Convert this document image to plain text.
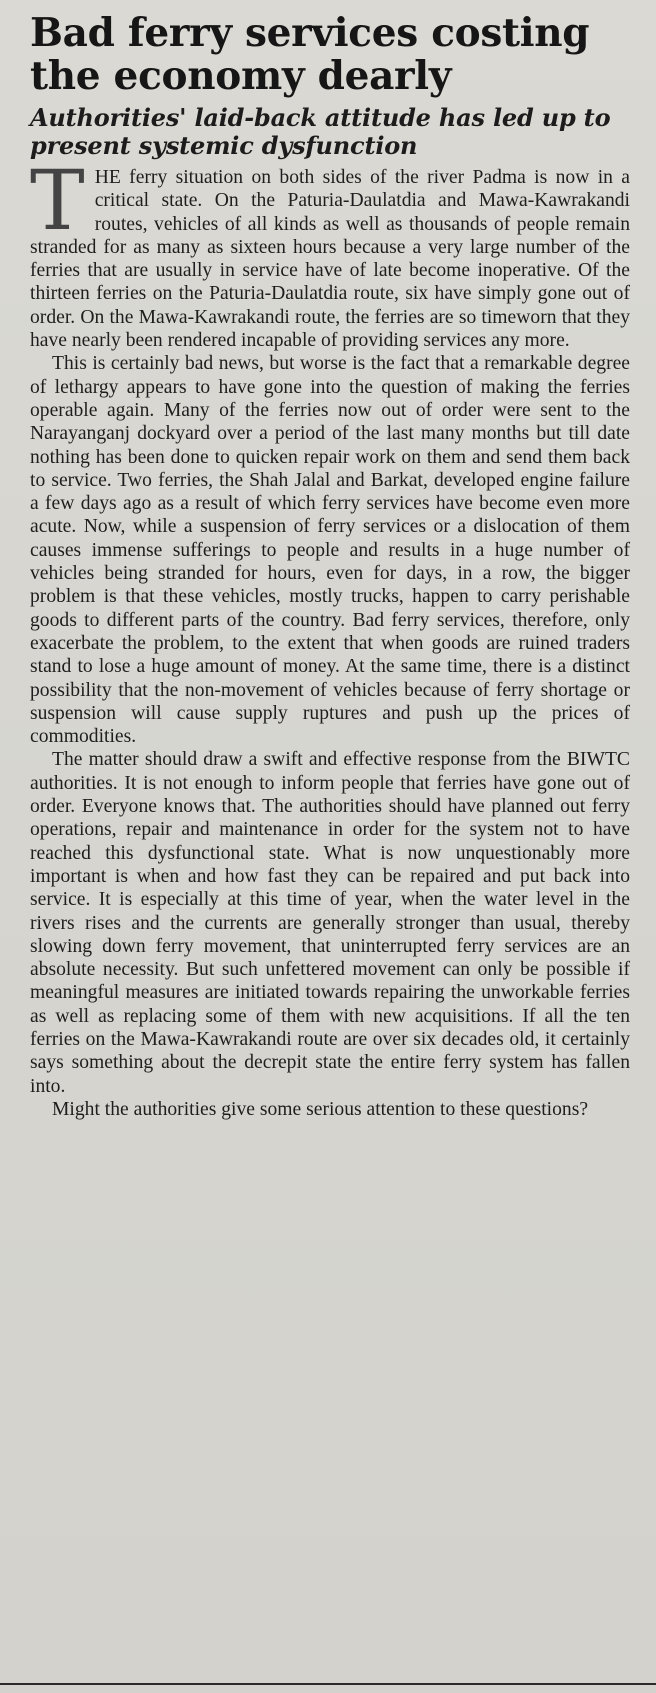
Bad ferry services costing the economy dearly
Authorities' laid-back attitude has led up to present systemic dysfunction

THE ferry situation on both sides of the river Padma is now in a critical state. On the Paturia-Daulatdia and Mawa-Kawrakandi routes, vehicles of all kinds as well as thousands of people remain stranded for as many as sixteen hours because a very large number of the ferries that are usually in service have of late become inoperative. Of the thirteen ferries on the Paturia-Daulatdia route, six have simply gone out of order. On the Mawa-Kawrakandi route, the ferries are so timeworn that they have nearly been rendered incapable of providing services any more.

This is certainly bad news, but worse is the fact that a remarkable degree of lethargy appears to have gone into the question of making the ferries operable again. Many of the ferries now out of order were sent to the Narayanganj dockyard over a period of the last many months but till date nothing has been done to quicken repair work on them and send them back to service. Two ferries, the Shah Jalal and Barkat, developed engine failure a few days ago as a result of which ferry services have become even more acute. Now, while a suspension of ferry services or a dislocation of them causes immense sufferings to people and results in a huge number of vehicles being stranded for hours, even for days, in a row, the bigger problem is that these vehicles, mostly trucks, happen to carry perishable goods to different parts of the country. Bad ferry services, therefore, only exacerbate the problem, to the extent that when goods are ruined traders stand to lose a huge amount of money. At the same time, there is a distinct possibility that the non-movement of vehicles because of ferry shortage or suspension will cause supply ruptures and push up the prices of commodities.

The matter should draw a swift and effective response from the BIWTC authorities. It is not enough to inform people that ferries have gone out of order. Everyone knows that. The authorities should have planned out ferry operations, repair and maintenance in order for the system not to have reached this dysfunctional state. What is now unquestionably more important is when and how fast they can be repaired and put back into service. It is especially at this time of year, when the water level in the rivers rises and the currents are generally stronger than usual, thereby slowing down ferry movement, that uninterrupted ferry services are an absolute necessity. But such unfettered movement can only be possible if meaningful measures are initiated towards repairing the unworkable ferries as well as replacing some of them with new acquisitions. If all the ten ferries on the Mawa-Kawrakandi route are over six decades old, it certainly says something about the decrepit state the entire ferry system has fallen into.

Might the authorities give some serious attention to these questions?
